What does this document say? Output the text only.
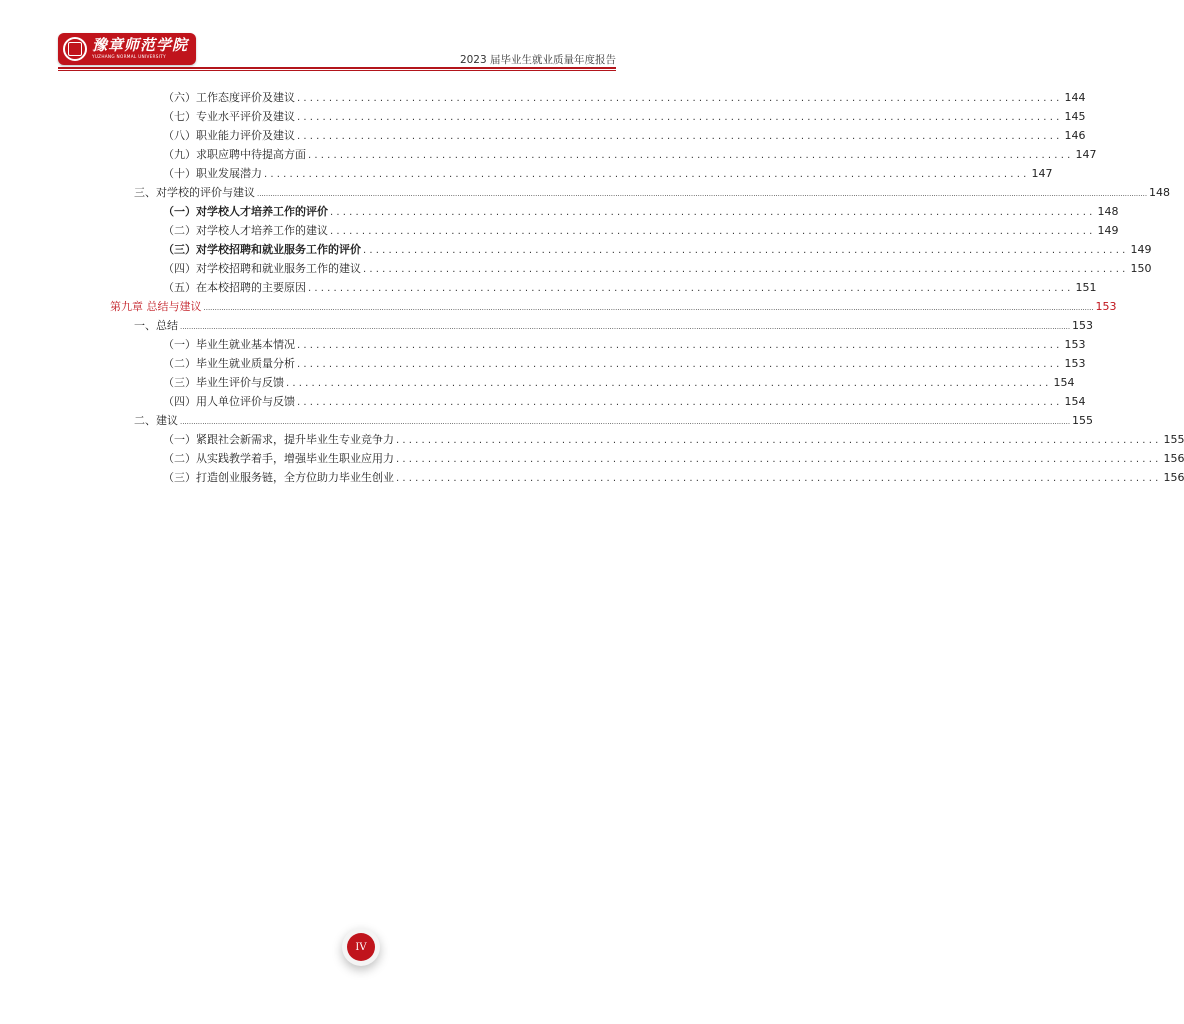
豫章师范学院
YUZHANG NORMAL UNIVERSITY	2023 届毕业生就业质量年度报告
（六）工作态度评价及建议 ........................................................................................................................ 144
（七）专业水平评价及建议 ........................................................................................................................ 145
（八）职业能力评价及建议 ........................................................................................................................ 146
（九）求职应聘中待提高方面 ........................................................................................................................ 147
（十）职业发展潜力 ........................................................................................................................ 147
三、对学校的评价与建议 ................................................................................................................................................................................................................................................................................................................................................................................................................ 148
（一）对学校人才培养工作的评价 ........................................................................................................................ 148
（二）对学校人才培养工作的建议 ........................................................................................................................ 149
（三）对学校招聘和就业服务工作的评价 ........................................................................................................................ 149
（四）对学校招聘和就业服务工作的建议 ........................................................................................................................ 150
（五）在本校招聘的主要原因 ........................................................................................................................ 151
第九章 总结与建议 ................................................................................................................................................................................................................................................................................................................................................................................................................ 153
一、总结 ................................................................................................................................................................................................................................................................................................................................................................................................................ 153
（一）毕业生就业基本情况 ........................................................................................................................ 153
（二）毕业生就业质量分析 ........................................................................................................................ 153
（三）毕业生评价与反馈 ........................................................................................................................ 154
（四）用人单位评价与反馈 ........................................................................................................................ 154
二、建议 ................................................................................................................................................................................................................................................................................................................................................................................................................ 155
（一）紧跟社会新需求，提升毕业生专业竞争力 ........................................................................................................................ 155
（二）从实践教学着手，增强毕业生职业应用力 ........................................................................................................................ 156
（三）打造创业服务链，全方位助力毕业生创业 ........................................................................................................................ 156
IV
